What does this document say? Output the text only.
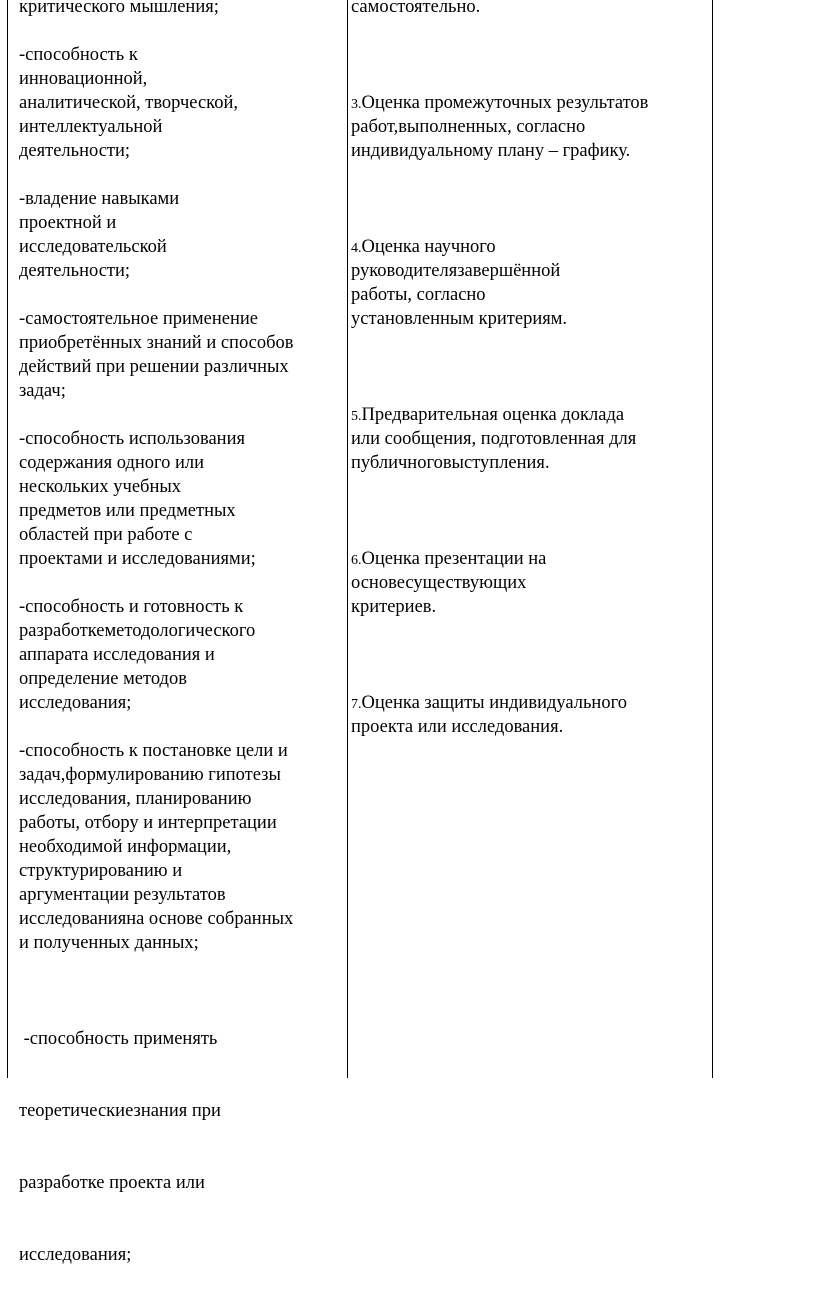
критического мышления;
-способность к
инновационной,
аналитической, творческой,
интеллектуальной
деятельности;
-владение навыками
проектной и
исследовательской
деятельности;
-самостоятельное применение
приобретённых знаний и способов
действий при решении различных
задач;
-способность использования
содержания одного или
нескольких учебных
предметов или предметных
областей при работе с
проектами и исследованиями;
-способность и готовность к
разработкеметодологического
аппарата исследования и
определение методов
исследования;
-способность к постановке цели и
задач,формулированию гипотезы
исследования, планированию
работы, отбору и интерпретации
необходимой информации,
структурированию и
аргументации результатов
исследованияна основе собранных
и полученных данных;

-способность применять

теоретическиезнания при

разработке проекта или

исследования;

самостоятельно.
3.Оценка промежуточных результатов
работ,выполненных, согласно
индивидуальному плану – графику.
4.Оценка научного
руководителязавершённой
работы, согласно
установленным критериям.
5.Предварительная оценка доклада
или сообщения, подготовленная для
публичноговыступления.
6.Оценка презентации на
основесуществующих
критериев.
7.Оценка защиты индивидуального
проекта или исследования.
